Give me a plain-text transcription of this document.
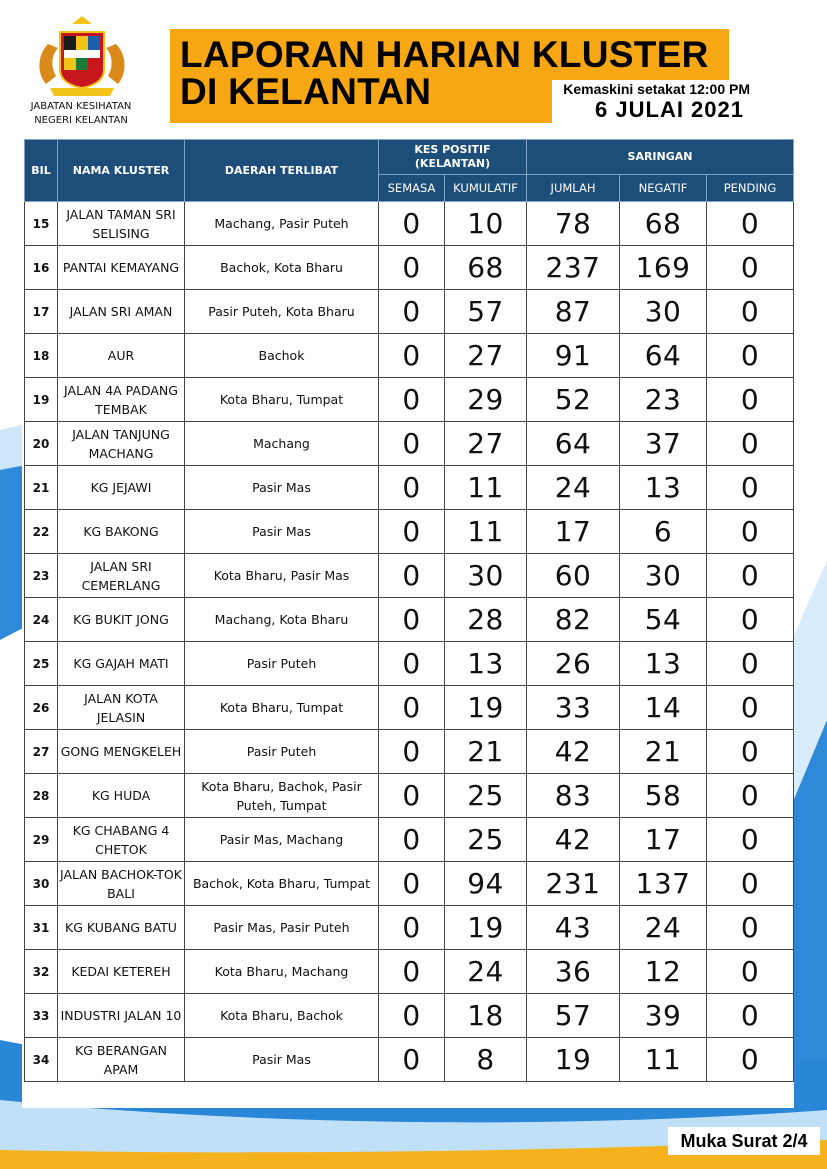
JABATAN KESIHATAN
NEGERI KELANTAN
LAPORAN HARIAN KLUSTER
DI KELANTAN	Kemaskini setakat 12:00 PM
6 JULAI 2021
BIL	NAMA KLUSTER	DAERAH TERLIBAT	KES POSITIF (KELANTAN)		SARINGAN		
			SEMASA	KUMULATIF	JUMLAH	NEGATIF	PENDING
15	JALAN TAMAN SRI SELISING	Machang, Pasir Puteh	0	10	78	68	0
16	PANTAI KEMAYANG	Bachok, Kota Bharu	0	68	237	169	0
17	JALAN SRI AMAN	Pasir Puteh, Kota Bharu	0	57	87	30	0
18	AUR	Bachok	0	27	91	64	0
19	JALAN 4A PADANG TEMBAK	Kota Bharu, Tumpat	0	29	52	23	0
20	JALAN TANJUNG MACHANG	Machang	0	27	64	37	0
21	KG JEJAWI	Pasir Mas	0	11	24	13	0
22	KG BAKONG	Pasir Mas	0	11	17	6	0
23	JALAN SRI CEMERLANG	Kota Bharu, Pasir Mas	0	30	60	30	0
24	KG BUKIT JONG	Machang, Kota Bharu	0	28	82	54	0
25	KG GAJAH MATI	Pasir Puteh	0	13	26	13	0
26	JALAN KOTA JELASIN	Kota Bharu, Tumpat	0	19	33	14	0
27	GONG MENGKELEH	Pasir Puteh	0	21	42	21	0
28	KG HUDA	Kota Bharu, Bachok, Pasir Puteh, Tumpat	0	25	83	58	0
29	KG CHABANG 4 CHETOK	Pasir Mas, Machang	0	25	42	17	0
30	JALAN BACHOK-TOK BALI	Bachok, Kota Bharu, Tumpat	0	94	231	137	0
31	KG KUBANG BATU	Pasir Mas, Pasir Puteh	0	19	43	24	0
32	KEDAI KETEREH	Kota Bharu, Machang	0	24	36	12	0
33	INDUSTRI JALAN 10	Kota Bharu, Bachok	0	18	57	39	0
34	KG BERANGAN APAM	Pasir Mas	0	8	19	11	0
Muka Surat 2/4
